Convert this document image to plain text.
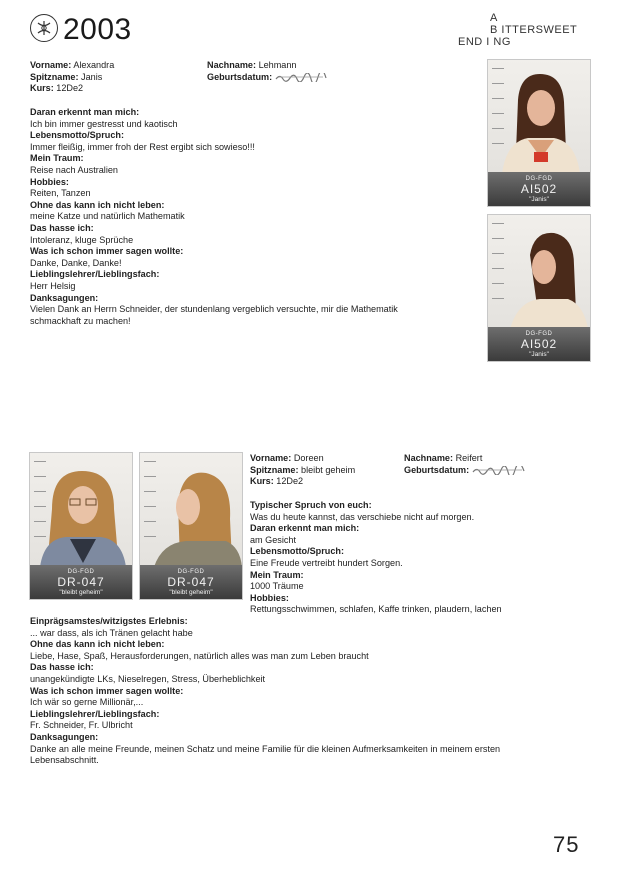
2003	A
B ITTERSWEET
END I NG
Vorname: Alexandra
Spitzname: Janis
Kurs: 12De2
Nachname: Lehmann
Geburtsdatum:
Daran erkennt man mich:
Ich bin immer gestresst und kaotisch
Lebensmotto/Spruch:
Immer fleißig, immer froh der Rest ergibt sich sowieso!!!
Mein Traum:
Reise nach Australien
Hobbies:
Reiten, Tanzen
Ohne das kann ich nicht leben:
meine Katze und natürlich Mathematik
Das hasse ich:
Intoleranz, kluge Sprüche
Was ich schon immer sagen wollte:
Danke, Danke, Danke!
Lieblingslehrer/Lieblingsfach:
Herr Helsig
Danksagungen:
Vielen Dank an Herrn Schneider, der stundenlang vergeblich versuchte, mir die Mathematik
schmackhaft zu machen!
DG-FGD
AI502
"Janis"
DG-FGD
AI502
"Janis"
DG-FGD
DR-047
"bleibt geheim"
DG-FGD
DR-047
"bleibt geheim"
Vorname: Doreen
Spitzname: bleibt geheim
Kurs: 12De2
Nachname: Reifert
Geburtsdatum:
Typischer Spruch von euch:
Was du heute kannst, das verschiebe nicht auf morgen.
Daran erkennt man mich:
am Gesicht
Lebensmotto/Spruch:
Eine Freude vertreibt hundert Sorgen.
Mein Traum:
1000 Träume
Hobbies:
Rettungsschwimmen, schlafen, Kaffe trinken, plaudern, lachen
Einprägsamstes/witzigstes Erlebnis:
... war dass, als ich Tränen gelacht habe
Ohne das kann ich nicht leben:
Liebe, Hase, Spaß, Herausforderungen, natürlich alles was man zum Leben braucht
Das hasse ich:
unangekündigte LKs, Nieselregen, Stress, Überheblichkeit
Was ich schon immer sagen wollte:
Ich wär so gerne Millionär,...
Lieblingslehrer/Lieblingsfach:
Fr. Schneider, Fr. Ulbricht
Danksagungen:
Danke an alle meine Freunde, meinen Schatz und meine Familie für die kleinen Aufmerksamkeiten in meinem ersten
Lebensabschnitt.
75
